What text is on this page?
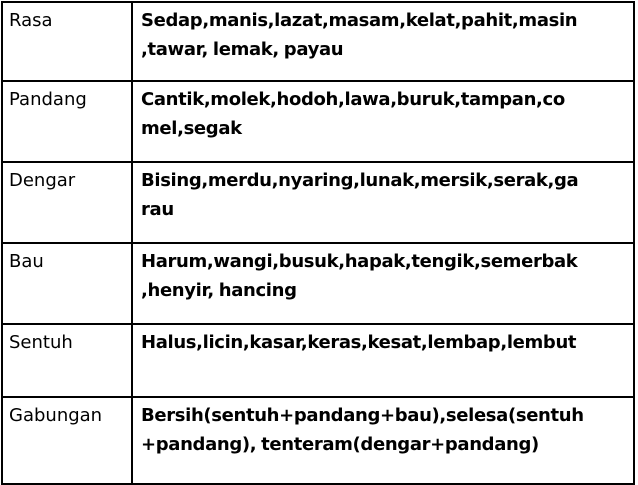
Rasa	Sedap,manis,lazat,masam,kelat,pahit,masin
,tawar, lemak, payau

Pandang	Cantik,molek,hodoh,lawa,buruk,tampan,co
mel,segak

Dengar	Bising,merdu,nyaring,lunak,mersik,serak,ga
rau

Bau	Harum,wangi,busuk,hapak,tengik,semerbak
,henyir, hancing

Sentuh	Halus,licin,kasar,keras,kesat,lembap,lembut

Gabungan	Bersih(sentuh+pandang+bau),selesa(sentuh
+pandang), tenteram(dengar+pandang)
